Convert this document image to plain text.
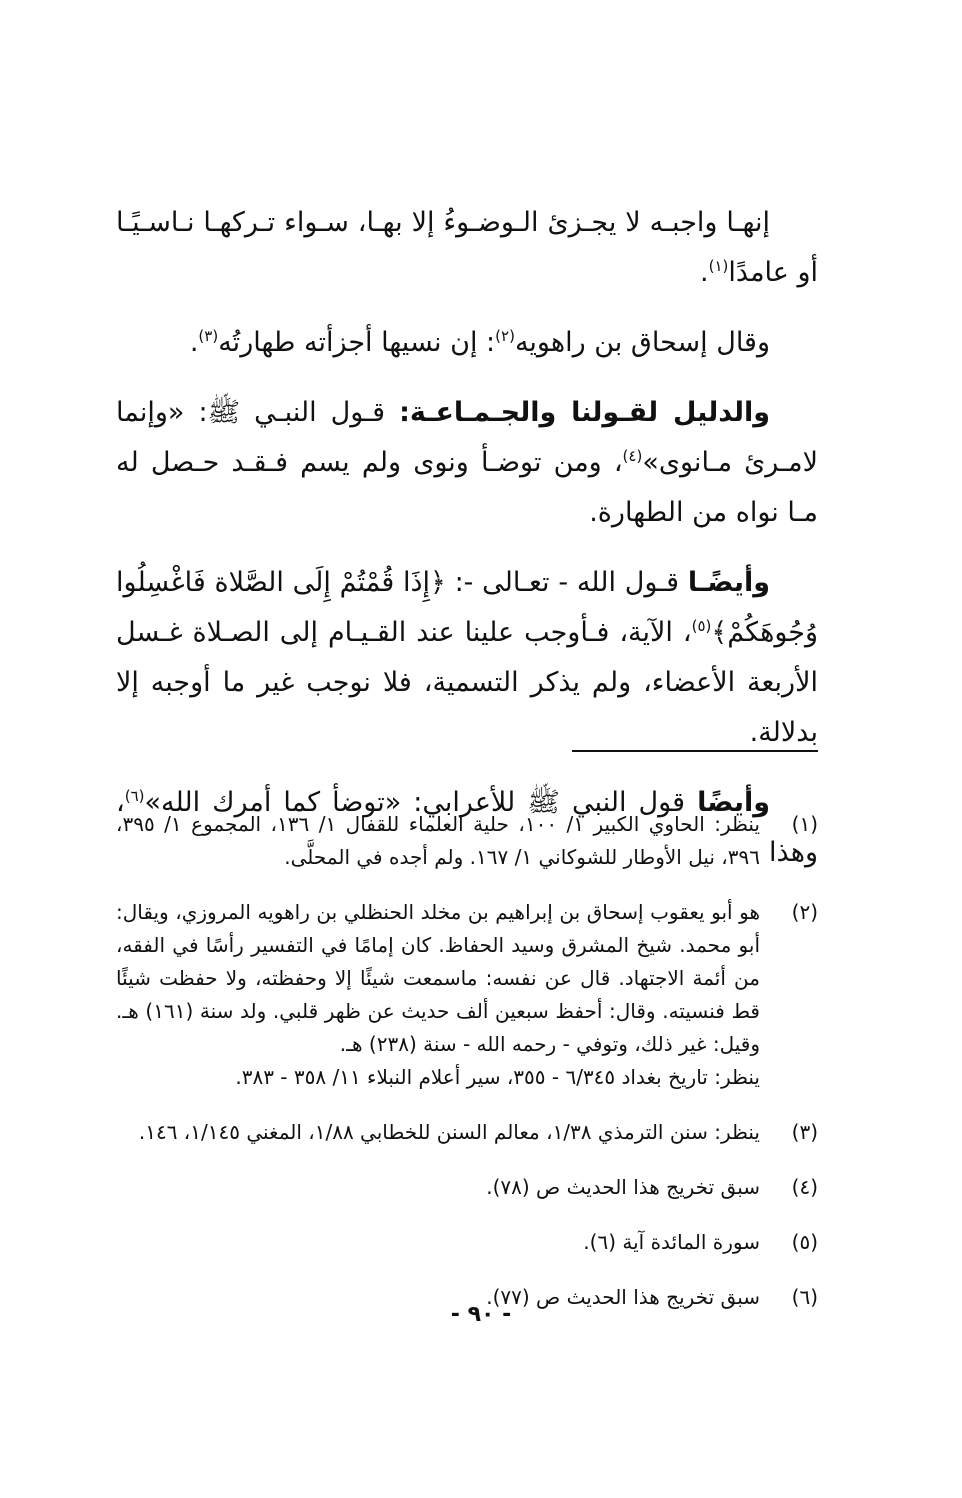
إنهـا واجبـه لا يجـزئ الـوضـوءُ إلا بهـا، سـواء تـركهـا نـاسـيًـا أو عامدًا$^{(١)}$.

وقال إسحاق بن راهويه$^{(٢)}$: إن نسيها أجزأته طهارتُه$^{(٣)}$.

والدليل لقـولنا والجـمـاعـة: قـول النبـي ﷺ: «وإنما لامـرئ مـانوى»$^{(٤)}$، ومن توضـأ ونوى ولم يسم فـقـد حـصل له مـا نواه من الطهارة.

وأيضًـا قـول الله - تعـالى -: ﴿إِذَا قُمْتُمْ إِلَى الصَّلاة فَاغْسِلُوا وُجُوهَكُمْ﴾$^{(٥)}$، الآية، فـأوجب علينا عند القـيـام إلى الصـلاة غـسل الأربعة الأعضاء، ولم يذكر التسمية، فلا نوجب غير ما أوجبه إلا بدلالة.

وأيضًا قول النبي ﷺ للأعرابي: «توضأ كما أمرك الله»$^{(٦)}$، وهذا

(١)
ينظر: الحاوي الكبير ١/ ١٠٠، حلية العلماء للقفال ١/ ١٣٦، المجموع ١/ ٣٩٥، ٣٩٦، نيل الأوطار للشوكاني ١/ ١٦٧. ولم أجده في المحلَّى.
(٢)
هو أبو يعقوب إسحاق بن إبراهيم بن مخلد الحنظلي بن راهويه المروزي، ويقال: أبو محمد. شيخ المشرق وسيد الحفاظ. كان إمامًا في التفسير رأسًا في الفقه، من أئمة الاجتهاد. قال عن نفسه: ماسمعت شيئًا إلا وحفظته، ولا حفظت شيئًا قط فنسيته. وقال: أحفظ سبعين ألف حديث عن ظهر قلبي. ولد سنة (١٦١) هـ. وقيل: غير ذلك، وتوفي - رحمه الله - سنة (٢٣٨) هـ.
ينظر: تاريخ بغداد ٦/٣٤٥ - ٣٥٥، سير أعلام النبلاء ١١/ ٣٥٨ - ٣٨٣.
(٣)
ينظر: سنن الترمذي ١/٣٨، معالم السنن للخطابي ١/٨٨، المغني ١/١٤٥، ١٤٦.
(٤)
سبق تخريج هذا الحديث ص (٧٨).
(٥)
سورة المائدة آية (٦).
(٦)
سبق تخريج هذا الحديث ص (٧٧).
- ٩٠ -
